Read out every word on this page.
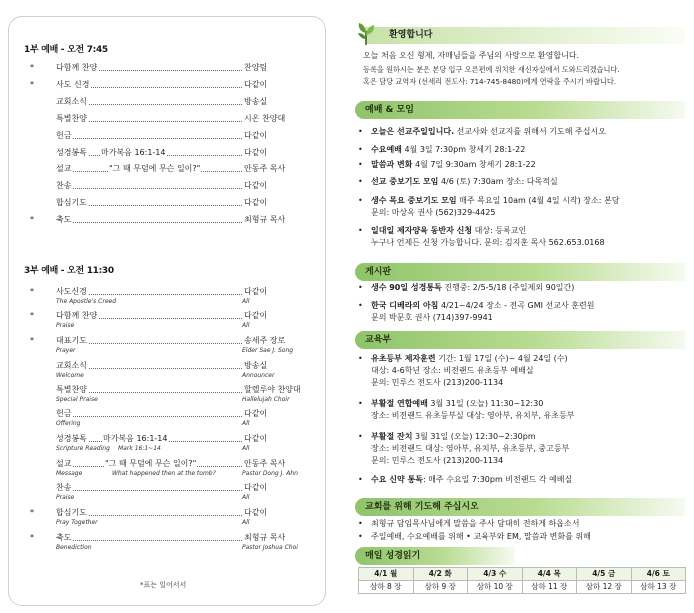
1부 예배 - 오전 7:45
*	다함께 찬양	찬양팀
*	사도 신경	다같이
교회소식	방송실
특별찬양	시온 찬양대
헌금	다같이
성경봉독 마가복음 16:1-14	다같이
설교	"그 때 무덤에 무슨 일이?"	안동주 목사
찬송	다같이
합심기도	다같이
*	축도	최형규 목사
3부 예배 - 오전 11:30
*	사도신경	다같이
The Apostle's Creed	All
*	다함께 찬양	다같이
Praise	All
*	대표기도	송세주 장로
Prayer	Elder Sae J. Song
교회소식	방송실
Welcome	Announcer
특별찬양	할렐루야 찬양대
Special Praise	Hallelujah Choir
헌금	다같이
Offering	All
성경봉독 마가복음 16:1-14	다같이
Scripture Reading Mark 16:1~14	All
설교	"그 때 무덤에 무슨 일이?"	안동주 목사
Message	What happened then at the tomb?	Pastor Dong J. Ahn
찬송	다같이
Praise	All
*	합심기도	다같이
Pray Together	All
*	축도	최형규 목사
Benediction	Pastor Joshua Choi
*표는 일어서서
환영합니다
오늘 처음 오신 형제, 자매님들을 주님의 사랑으로 환영합니다.
등록을 원하시는 분은 본당 입구 오른편에 위치한 새신자실에서 도와드리겠습니다.
혹은 담당 교역자 (선세리 전도사: 714-745-8480)에게 연락을 주시기 바랍니다.
예배 & 모임
• 오늘은 선교주일입니다. 선교사와 선교지를 위해서 기도해 주십시오
• 수요예배 4월 3일 7:30pm 창세기 28:1-22
• 말씀과 변화 4월 7일 9:30am 창세기 28:1-22
• 선교 중보기도 모임 4/6 (토) 7:30am 장소: 다목적실
• 생수 목요 중보기도 모임 매주 목요일 10am (4월 4일 시작) 장소: 본당
문의: 마상옥 권사 (562)329-4425
• 일대일 제자양육 동반자 신청 대상: 등록교인
누구나 언제든 신청 가능합니다. 문의: 김지훈 목사 562.653.0168
게시판
• 생수 90일 성경통독 진행중: 2/5-5/18 (주일제외 90일간)
• 한국 디베라의 아침 4/21~4/24 장소 - 전곡 GMI 선교사 훈련원
문의 박문호 권사 (714)397-9941
교육부
• 유초등부 제자훈련 기간: 1월 17일 (수)~ 4월 24일 (수)
대상: 4-6학년 장소: 비전랜드 유초등부 예배실
문의: 민루스 전도사 (213)200-1134
• 부활절 연합예배 3월 31일 (오늘) 11:30~12:30
장소: 비전랜드 유초등부실 대상: 영아부, 유치부, 유초등부
• 부활절 잔치 3월 31일 (오늘) 12:30~2:30pm
장소: 비전랜드 대상: 영아부, 유치부, 유초등부, 중고등부
문의: 민루스 전도사 (213)200-1134
• 수요 신약 통독: 매주 수요일 7:30pm 비전랜드 각 예배실
교회를 위해 기도해 주십시오
• 최형규 담임목사님에게 말씀을 주사 담대히 전하게 하옵소서
• 주일예배, 수요예배를 위해 • 교육부와 EM, 말씀과 변화를 위해
매일 성경읽기
4/1 월	4/2 화	4/3 수	4/4 목	4/5 금	4/6 토
삼하 8 장	삼하 9 장	삼하 10 장	삼하 11 장	삼하 12 장	삼하 13 장
